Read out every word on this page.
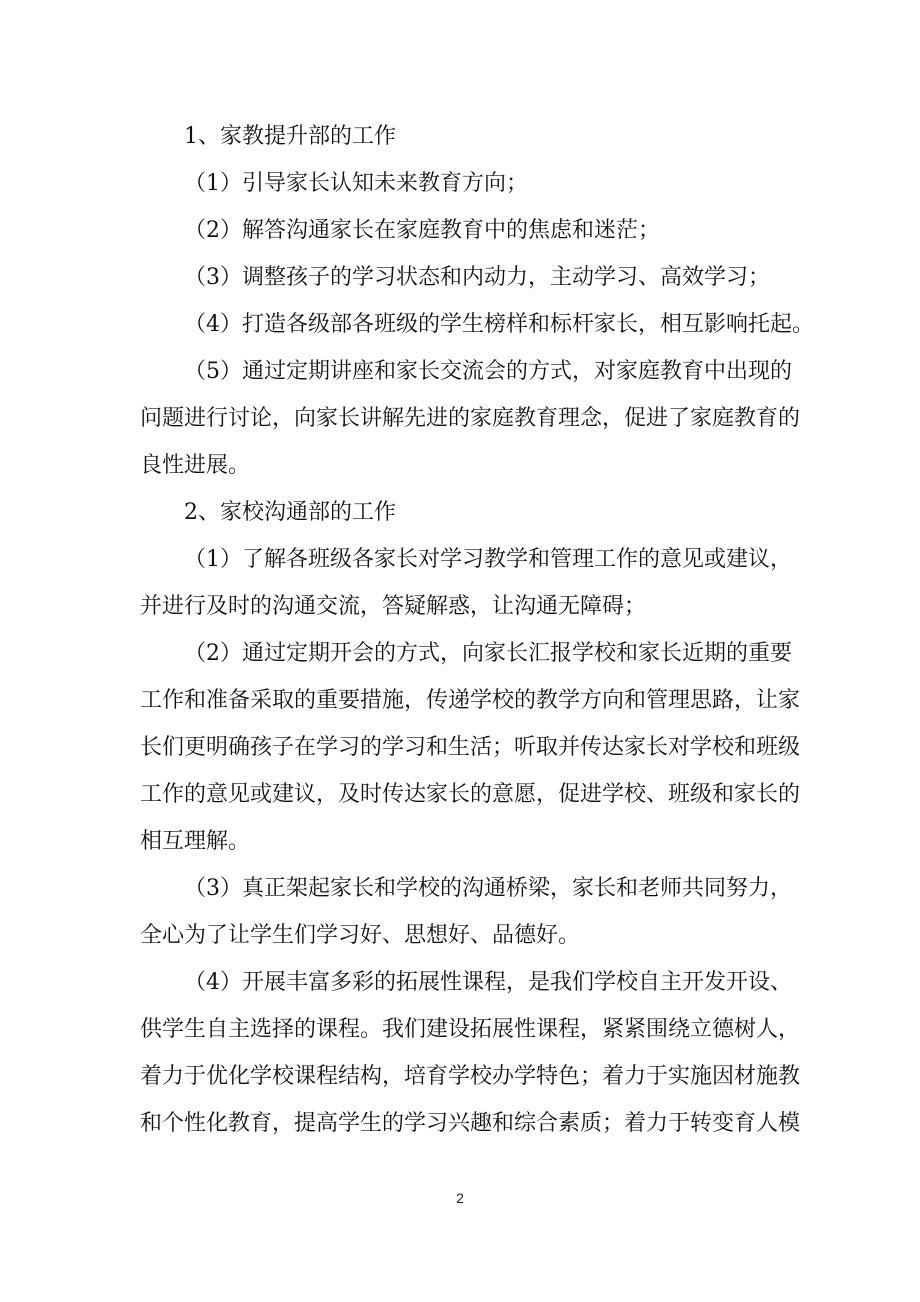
1、家教提升部的工作
（1）引导家长认知未来教育方向；
（2）解答沟通家长在家庭教育中的焦虑和迷茫；
（3）调整孩子的学习状态和内动力，主动学习、高效学习；
（4）打造各级部各班级的学生榜样和标杆家长，相互影响托起。
（5）通过定期讲座和家长交流会的方式，对家庭教育中出现的
问题进行讨论，向家长讲解先进的家庭教育理念，促进了家庭教育的
良性进展。
2、家校沟通部的工作
（1）了解各班级各家长对学习教学和管理工作的意见或建议，
并进行及时的沟通交流，答疑解惑，让沟通无障碍；
（2）通过定期开会的方式，向家长汇报学校和家长近期的重要
工作和准备采取的重要措施，传递学校的教学方向和管理思路，让家
长们更明确孩子在学习的学习和生活；听取并传达家长对学校和班级
工作的意见或建议，及时传达家长的意愿，促进学校、班级和家长的
相互理解。
（3）真正架起家长和学校的沟通桥梁，家长和老师共同努力，
全心为了让学生们学习好、思想好、品德好。
（4）开展丰富多彩的拓展性课程，是我们学校自主开发开设、
供学生自主选择的课程。我们建设拓展性课程，紧紧围绕立德树人，
着力于优化学校课程结构，培育学校办学特色；着力于实施因材施教
和个性化教育，提高学生的学习兴趣和综合素质；着力于转变育人模
2
